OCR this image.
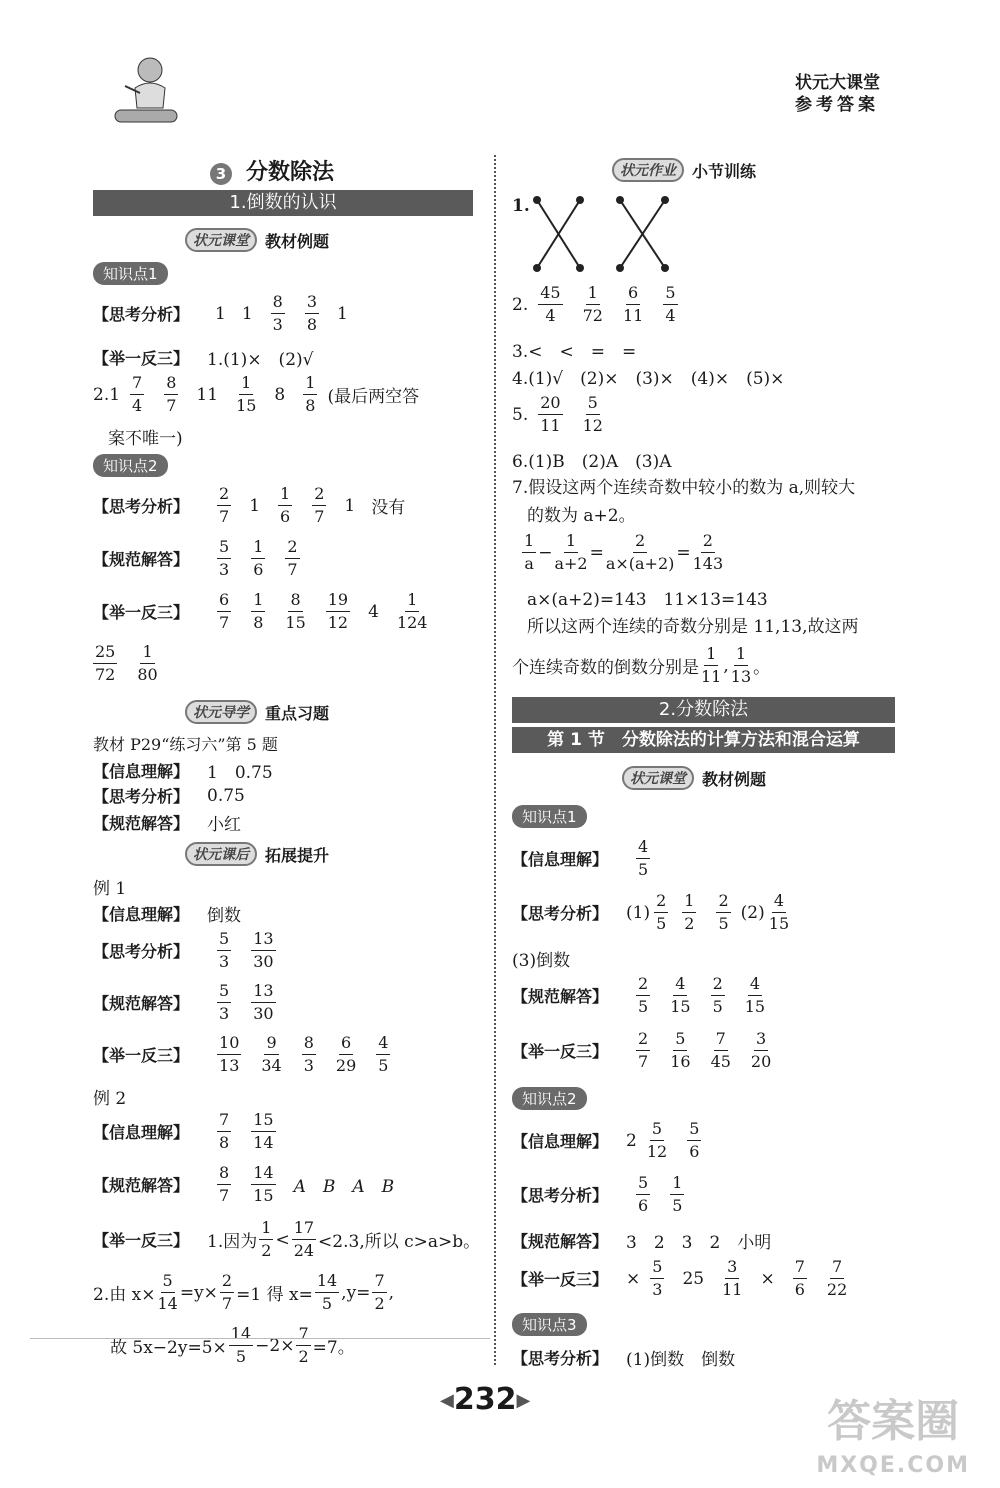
状元大课堂
参考答案
3 分数除法
1.倒数的认识
状元课堂	教材例题
知识点1
【思考分析】 1 $1 \frac{8}{3} \frac{3}{8} 1$
【举一反三】 1.(1)×　(2)√
$2.1 \frac{7}{4} \frac{8}{7} 11 \frac{1}{15} 8 \frac{1}{8}$ (最后两空答
案不唯一)
知识点2
【思考分析】 $\frac{2}{7} 1 \frac{1}{6} \frac{2}{7} 1$ 没有
【规范解答】 $\frac{5}{3} \frac{1}{6} \frac{2}{7}$
【举一反三】 $\frac{6}{7} \frac{1}{8} \frac{8}{15} \frac{19}{12} 4 \frac{1}{124}$
$\frac{25}{72} \frac{1}{80}$
状元导学	重点习题
教材 P29“练习六”第 5 题
【信息理解】 1　0.75
【思考分析】 0.75
【规范解答】 小红
状元课后	拓展提升
例 1
【信息理解】 倒数
【思考分析】 $\frac{5}{3} \frac{13}{30}$
【规范解答】 $\frac{5}{3} \frac{13}{30}$
【举一反三】 $\frac{10}{13} \frac{9}{34} \frac{8}{3} \frac{6}{29} \frac{4}{5}$
例 2
【信息理解】 $\frac{7}{8} \frac{15}{14}$
【规范解答】 $\frac{8}{7} \frac{14}{15}$ A　B　A　B
【举一反三】 1.因为 $\frac{1}{2} < \frac{17}{24} <2.3$,所以 c>a>b。
2.由 $x\times \frac{5}{14} =y\times \frac{2}{7} =1$ 得 $x= \frac{14}{5} ,y= \frac{7}{2}$ ,
故 $5x-2y=5\times \frac{14}{5} -2\times \frac{7}{2} =7$。
状元作业	小节训练
1.
2. $\frac{45}{4} \frac{1}{72} \frac{6}{11} \frac{5}{4}$
3.<　<　=　=
4.(1)√　(2)×　(3)×　(4)×　(5)×
5. $\frac{20}{11} \frac{5}{12}$
6.(1)B　(2)A　(3)A
7.假设这两个连续奇数中较小的数为 a,则较大
的数为 a+2。
$\frac{1}{a} - \frac{1}{a+2} = \frac{2}{a\times(a+2)} = \frac{2}{143}$
a×(a+2)=143　11×13=143
所以这两个连续的奇数分别是 11,13,故这两
个连续奇数的倒数分别是 $\frac{1}{11}$ , $\frac{1}{13}$ 。
2.分数除法
第 1 节　分数除法的计算方法和混合运算
状元课堂	教材例题
知识点1
【信息理解】 $\frac{4}{5}$
【思考分析】 $(1) \frac{2}{5} \frac{1}{2} \frac{2}{5} (2) \frac{4}{15}$
(3)倒数
【规范解答】 $\frac{2}{5} \frac{4}{15} \frac{2}{5} \frac{4}{15}$
【举一反三】 $\frac{2}{7} \frac{5}{16} \frac{7}{45} \frac{3}{20}$
知识点2
【信息理解】 $2 \frac{5}{12} \frac{5}{6}$
【思考分析】 $\frac{5}{6} \frac{1}{5}$
【规范解答】 3　2　3　2　小明
【举一反三】 × $\frac{5}{3} 25 \frac{3}{11} \times \frac{7}{6} \frac{7}{22}$
知识点3
【思考分析】 (1)倒数　倒数
◀232▶	答案圈
MXQE.COM
